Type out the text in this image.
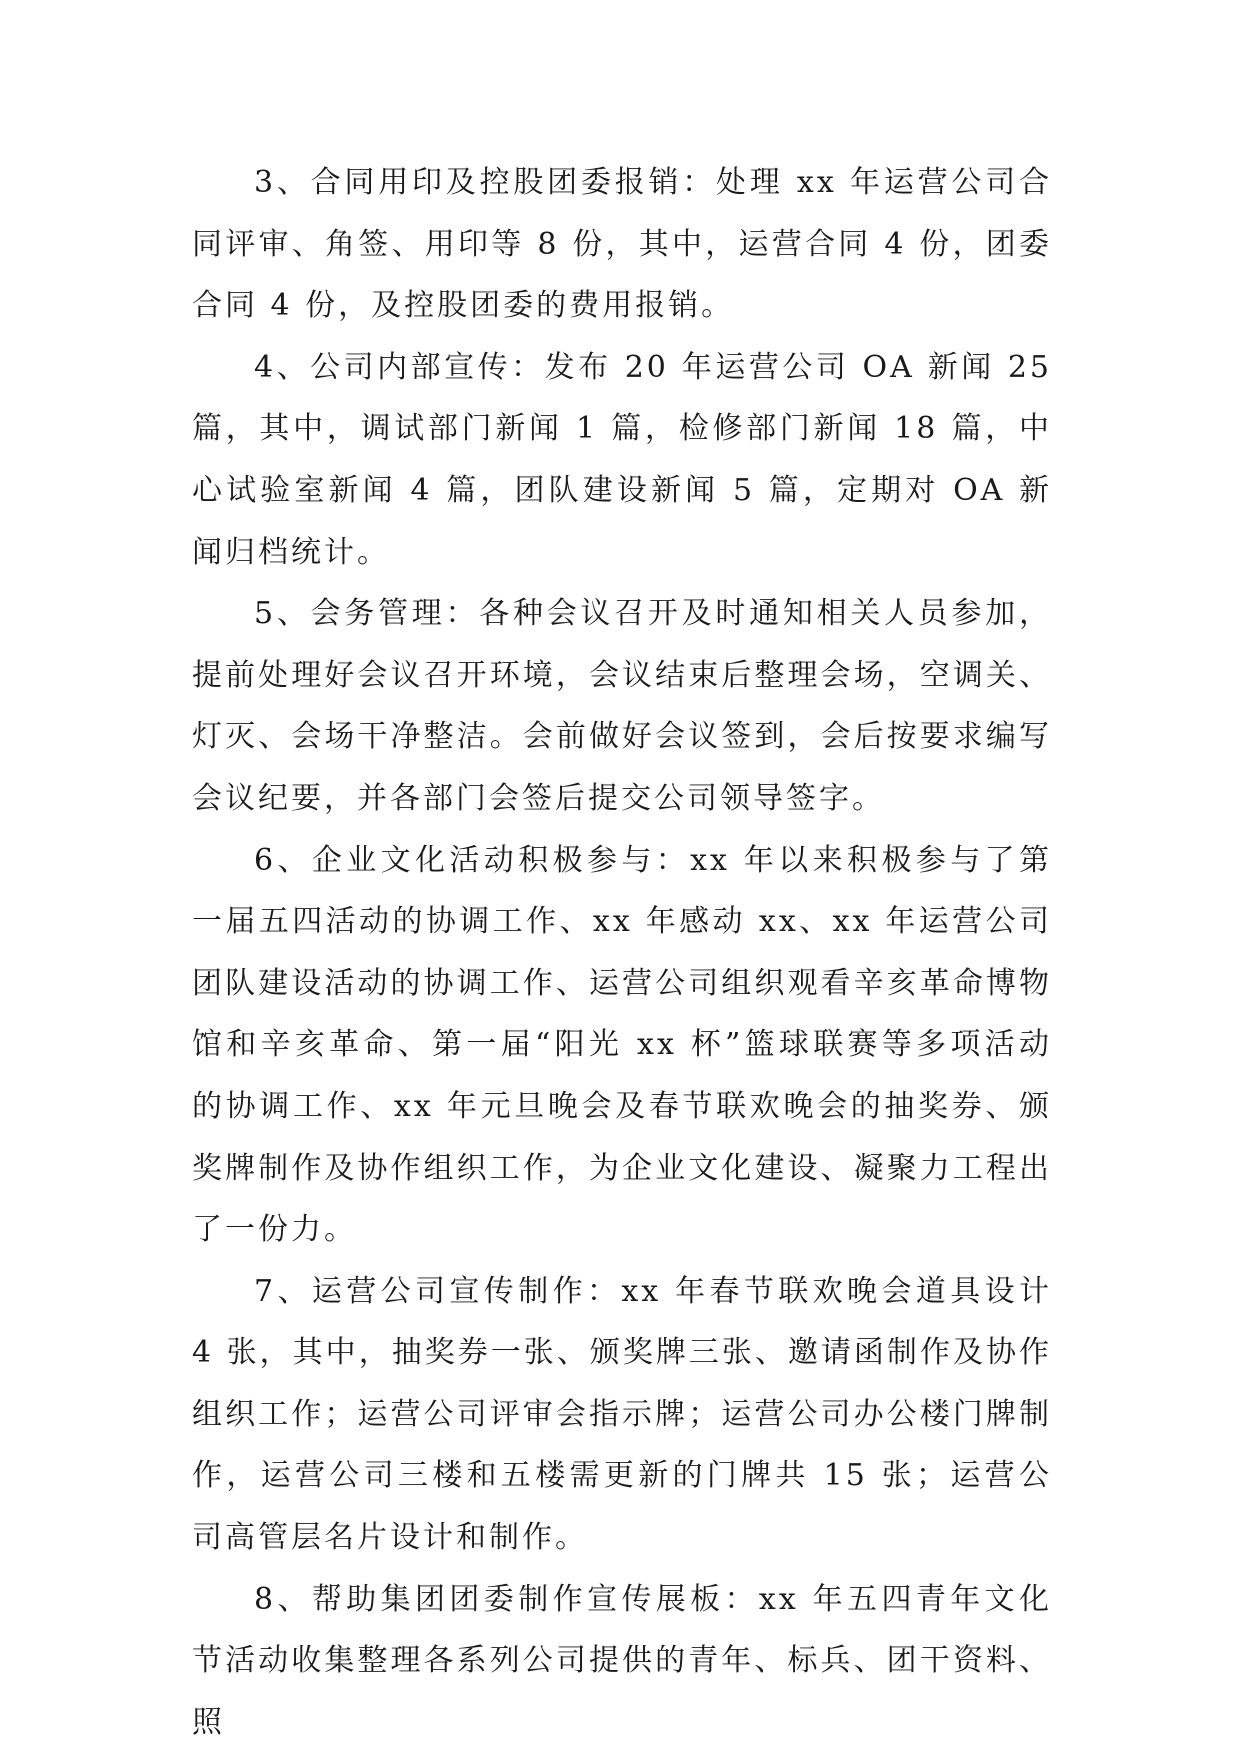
3、合同用印及控股团委报销：处理 xx 年运营公司合同评审、角签、用印等 8 份，其中，运营合同 4 份，团委合同 4 份，及控股团委的费用报销。

4、公司内部宣传：发布 20 年运营公司 OA 新闻 25 篇，其中，调试部门新闻 1 篇，检修部门新闻 18 篇，中心试验室新闻 4 篇，团队建设新闻 5 篇，定期对 OA 新闻归档统计。

5、会务管理：各种会议召开及时通知相关人员参加，提前处理好会议召开环境，会议结束后整理会场，空调关、灯灭、会场干净整洁。会前做好会议签到，会后按要求编写会议纪要，并各部门会签后提交公司领导签字。

6、企业文化活动积极参与：xx 年以来积极参与了第一届五四活动的协调工作、xx 年感动 xx、xx 年运营公司团队建设活动的协调工作、运营公司组织观看辛亥革命博物馆和辛亥革命、第一届“阳光 xx 杯”篮球联赛等多项活动的协调工作、xx 年元旦晚会及春节联欢晚会的抽奖券、颁奖牌制作及协作组织工作，为企业文化建设、凝聚力工程出了一份力。

7、运营公司宣传制作：xx 年春节联欢晚会道具设计 4 张，其中，抽奖券一张、颁奖牌三张、邀请函制作及协作组织工作；运营公司评审会指示牌；运营公司办公楼门牌制作，运营公司三楼和五楼需更新的门牌共 15 张；运营公司高管层名片设计和制作。

8、帮助集团团委制作宣传展板：xx 年五四青年文化节活动收集整理各系列公司提供的青年、标兵、团干资料、照
